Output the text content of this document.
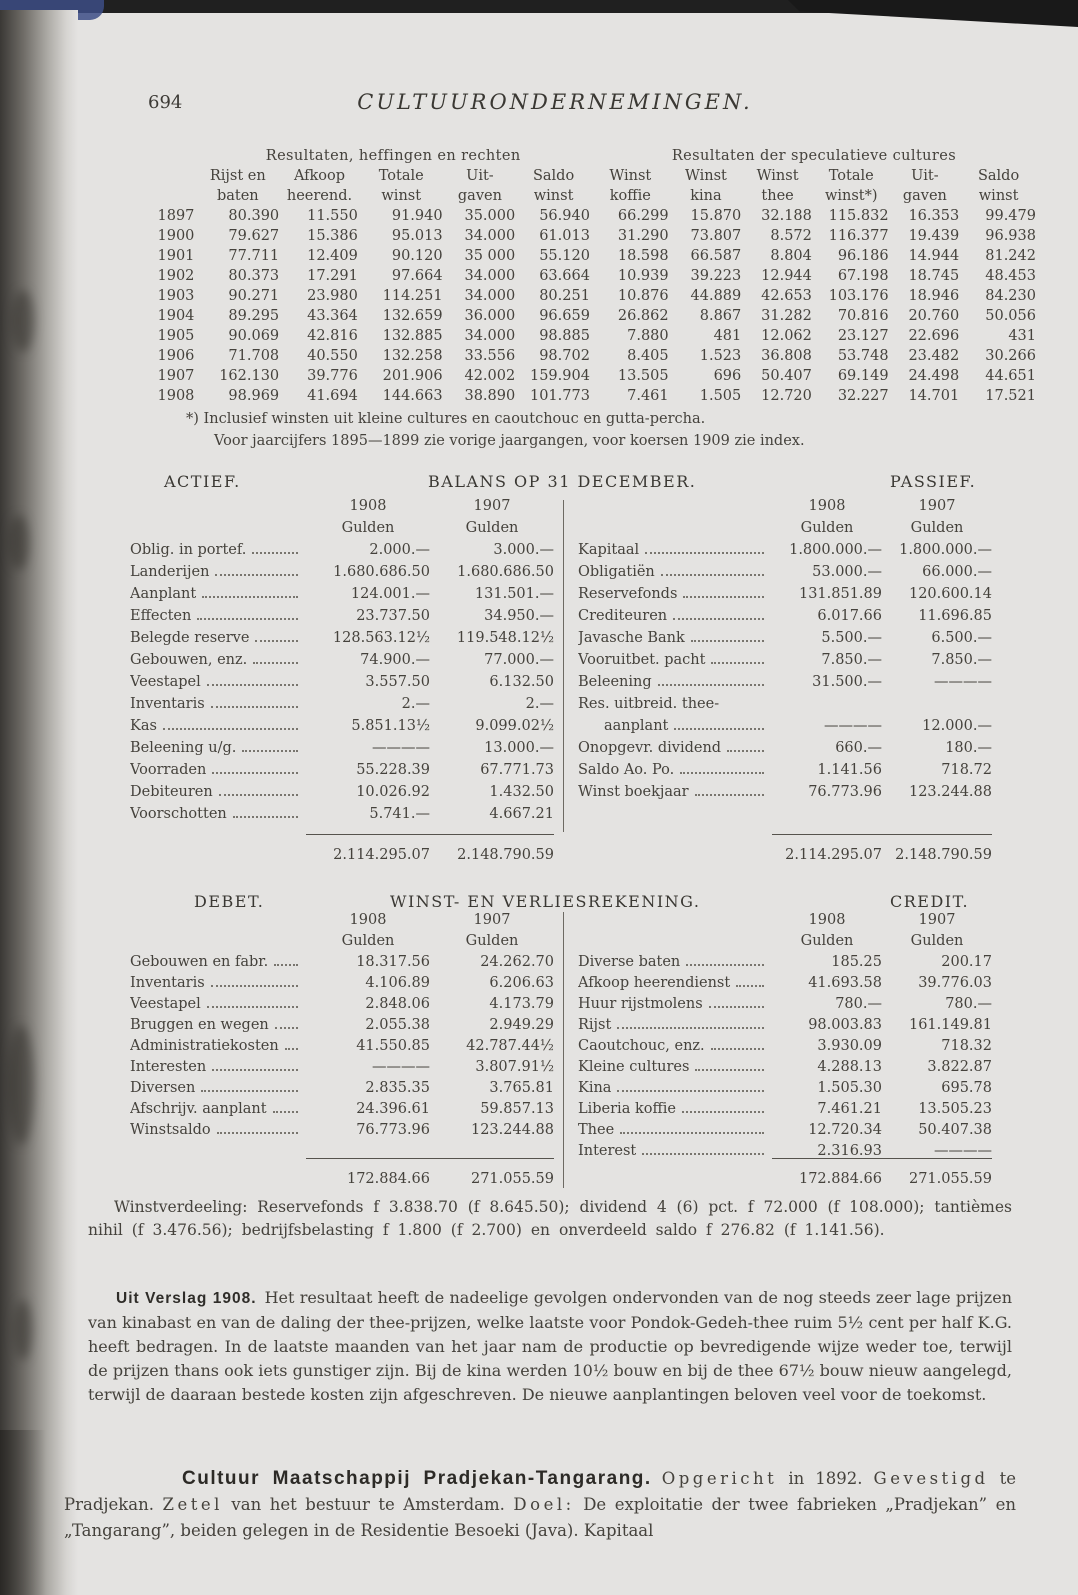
694	CULTUURONDERNEMINGEN.
	Resultaten, heffingen en rechten					Resultaten der speculatieve cultures					
	Rijst en	Afkoop	Totale	Uit-	Saldo	Winst	Winst	Winst	Totale	Uit-	Saldo
	baten	heerend.	winst	gaven	winst	koffie	kina	thee	winst*)	gaven	winst
1897	80.390	11.550	91.940	35.000	56.940	66.299	15.870	32.188	115.832	16.353	99.479
1900	79.627	15.386	95.013	34.000	61.013	31.290	73.807	8.572	116.377	19.439	96.938
1901	77.711	12.409	90.120	35 000	55.120	18.598	66.587	8.804	96.186	14.944	81.242
1902	80.373	17.291	97.664	34.000	63.664	10.939	39.223	12.944	67.198	18.745	48.453
1903	90.271	23.980	114.251	34.000	80.251	10.876	44.889	42.653	103.176	18.946	84.230
1904	89.295	43.364	132.659	36.000	96.659	26.862	8.867	31.282	70.816	20.760	50.056
1905	90.069	42.816	132.885	34.000	98.885	7.880	481	12.062	23.127	22.696	431
1906	71.708	40.550	132.258	33.556	98.702	8.405	1.523	36.808	53.748	23.482	30.266
1907	162.130	39.776	201.906	42.002	159.904	13.505	696	50.407	69.149	24.498	44.651
1908	98.969	41.694	144.663	38.890	101.773	7.461	1.505	12.720	32.227	14.701	17.521
*) Inclusief winsten uit kleine cultures en caoutchouc en gutta-percha.
Voor jaarcijfers 1895—1899 zie vorige jaargangen, voor koersen 1909 zie index.
ACTIEF.	BALANS OP 31 DECEMBER.	PASSIEF.
1908	1907
Gulden	Gulden
Oblig. in portef.	2.000.—	3.000.—
Landerijen	1.680.686.50	1.680.686.50
Aanplant	124.001.—	131.501.—
Effecten	23.737.50	34.950.—
Belegde reserve	128.563.12½	119.548.12½
Gebouwen, enz.	74.900.—	77.000.—
Veestapel	3.557.50	6.132.50
Inventaris	2.—	2.—
Kas	5.851.13½	9.099.02½
Beleening u/g.	————	13.000.—
Voorraden	55.228.39	67.771.73
Debiteuren	10.026.92	1.432.50
Voorschotten	5.741.—	4.667.21
1908	1907
Gulden	Gulden
Kapitaal	1.800.000.—	1.800.000.—
Obligatiën	53.000.—	66.000.—
Reservefonds	131.851.89	120.600.14
Crediteuren	6.017.66	11.696.85
Javasche Bank	5.500.—	6.500.—
Vooruitbet. pacht	7.850.—	7.850.—
Beleening	31.500.—	————
Res. uitbreid. thee-
aanplant	————	12.000.—
Onopgevr. dividend	660.—	180.—
Saldo Ao. Po.	1.141.56	718.72
Winst boekjaar	76.773.96	123.244.88
2.114.295.07	2.148.790.59	2.114.295.07 2.148.790.59
DEBET.	WINST- EN VERLIESREKENING.	CREDIT.
1908	1907
Gulden	Gulden
Gebouwen en fabr.	18.317.56	24.262.70
Inventaris	4.106.89	6.206.63
Veestapel	2.848.06	4.173.79
Bruggen en wegen	2.055.38	2.949.29
Administratiekosten	41.550.85	42.787.44½
Interesten	————	3.807.91½
Diversen	2.835.35	3.765.81
Afschrijv. aanplant	24.396.61	59.857.13
Winstsaldo	76.773.96	123.244.88
1908	1907
Gulden	Gulden
Diverse baten	185.25	200.17
Afkoop heerendienst	41.693.58	39.776.03
Huur rijstmolens	780.—	780.—
Rijst	98.003.83	161.149.81
Caoutchouc, enz.	3.930.09	718.32
Kleine cultures	4.288.13	3.822.87
Kina	1.505.30	695.78
Liberia koffie	7.461.21	13.505.23
Thee	12.720.34	50.407.38
Interest	2.316.93	————
172.884.66	271.055.59	172.884.66	271.055.59
Winstverdeeling: Reservefonds f 3.838.70 (f 8.645.50); dividend 4 (6) pct. f 72.000 (f 108.000); tantièmes nihil (f 3.476.56); bedrijfsbelasting f 1.800 (f 2.700) en onverdeeld saldo f 276.82 (f 1.141.56).
Uit Verslag 1908. Het resultaat heeft de nadeelige gevolgen ondervonden van de nog steeds zeer lage prijzen van kinabast en van de daling der thee-prijzen, welke laatste voor Pondok-Gedeh-thee ruim 5½ cent per half K.G. heeft bedragen. In de laatste maanden van het jaar nam de productie op bevredigende wijze weder toe, terwijl de prijzen thans ook iets gunstiger zijn. Bij de kina werden 10½ bouw en bij de thee 67½ bouw nieuw aangelegd, terwijl de daaraan bestede kosten zijn afgeschreven. De nieuwe aanplantingen beloven veel voor de toekomst.
Cultuur Maatschappij Pradjekan-Tangarang. Opgericht in 1892. Gevestigd te Pradjekan. Zetel van het bestuur te Amsterdam. Doel: De exploitatie der twee fabrieken „Pradjekan” en „Tangarang”, beiden gelegen in de Residentie Besoeki (Java). Kapitaal
